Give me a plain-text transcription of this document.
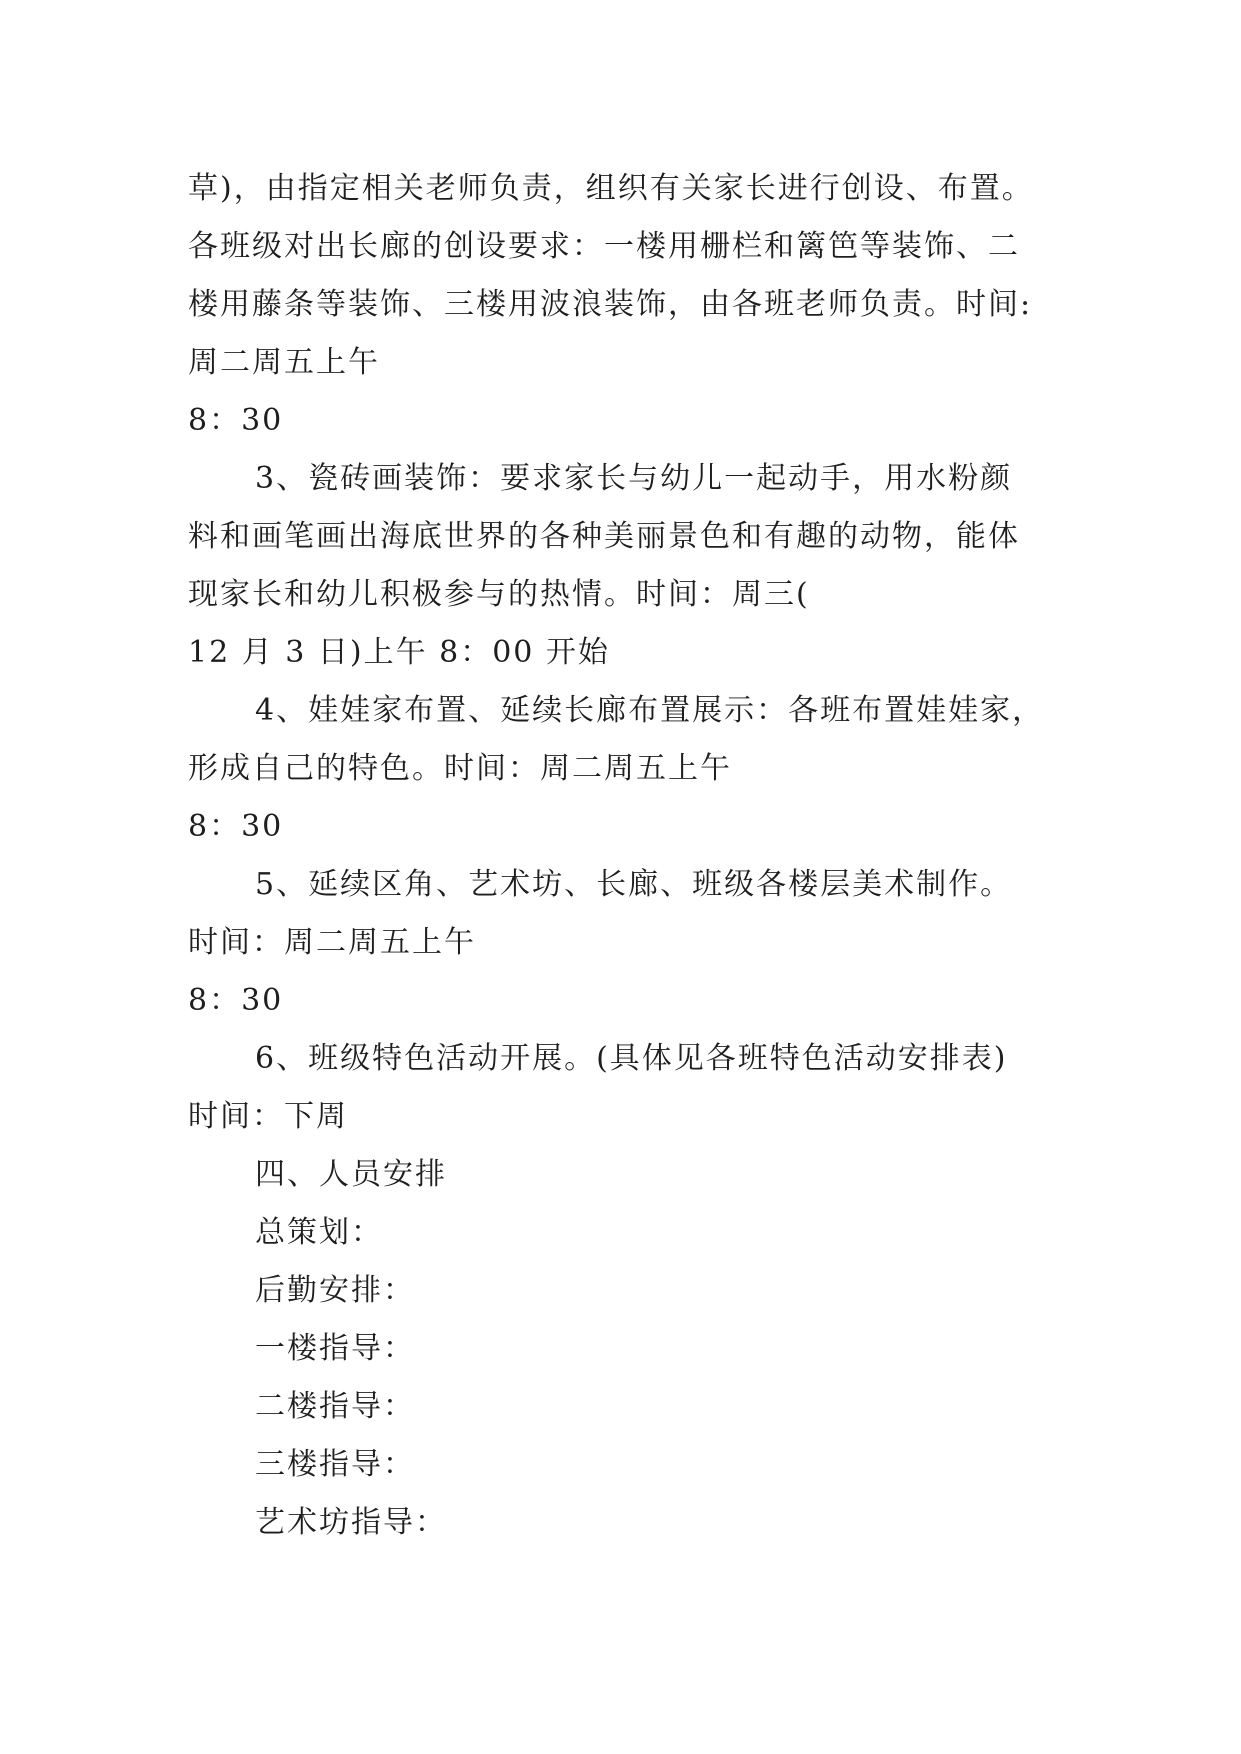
草)，由指定相关老师负责，组织有关家长进行创设、布置。
各班级对出长廊的创设要求：一楼用栅栏和篱笆等装饰、二
楼用藤条等装饰、三楼用波浪装饰，由各班老师负责。时间:
周二周五上午
8：30
3、瓷砖画装饰：要求家长与幼儿一起动手，用水粉颜
料和画笔画出海底世界的各种美丽景色和有趣的动物，能体
现家长和幼儿积极参与的热情。时间：周三(
12 月 3 日)上午 8：00 开始
4、娃娃家布置、延续长廊布置展示：各班布置娃娃家，
形成自己的特色。时间：周二周五上午
8：30
5、延续区角、艺术坊、长廊、班级各楼层美术制作。
时间：周二周五上午
8：30
6、班级特色活动开展。(具体见各班特色活动安排表)
时间：下周
四、人员安排
总策划：
后勤安排：
一楼指导：
二楼指导：
三楼指导：
艺术坊指导：
